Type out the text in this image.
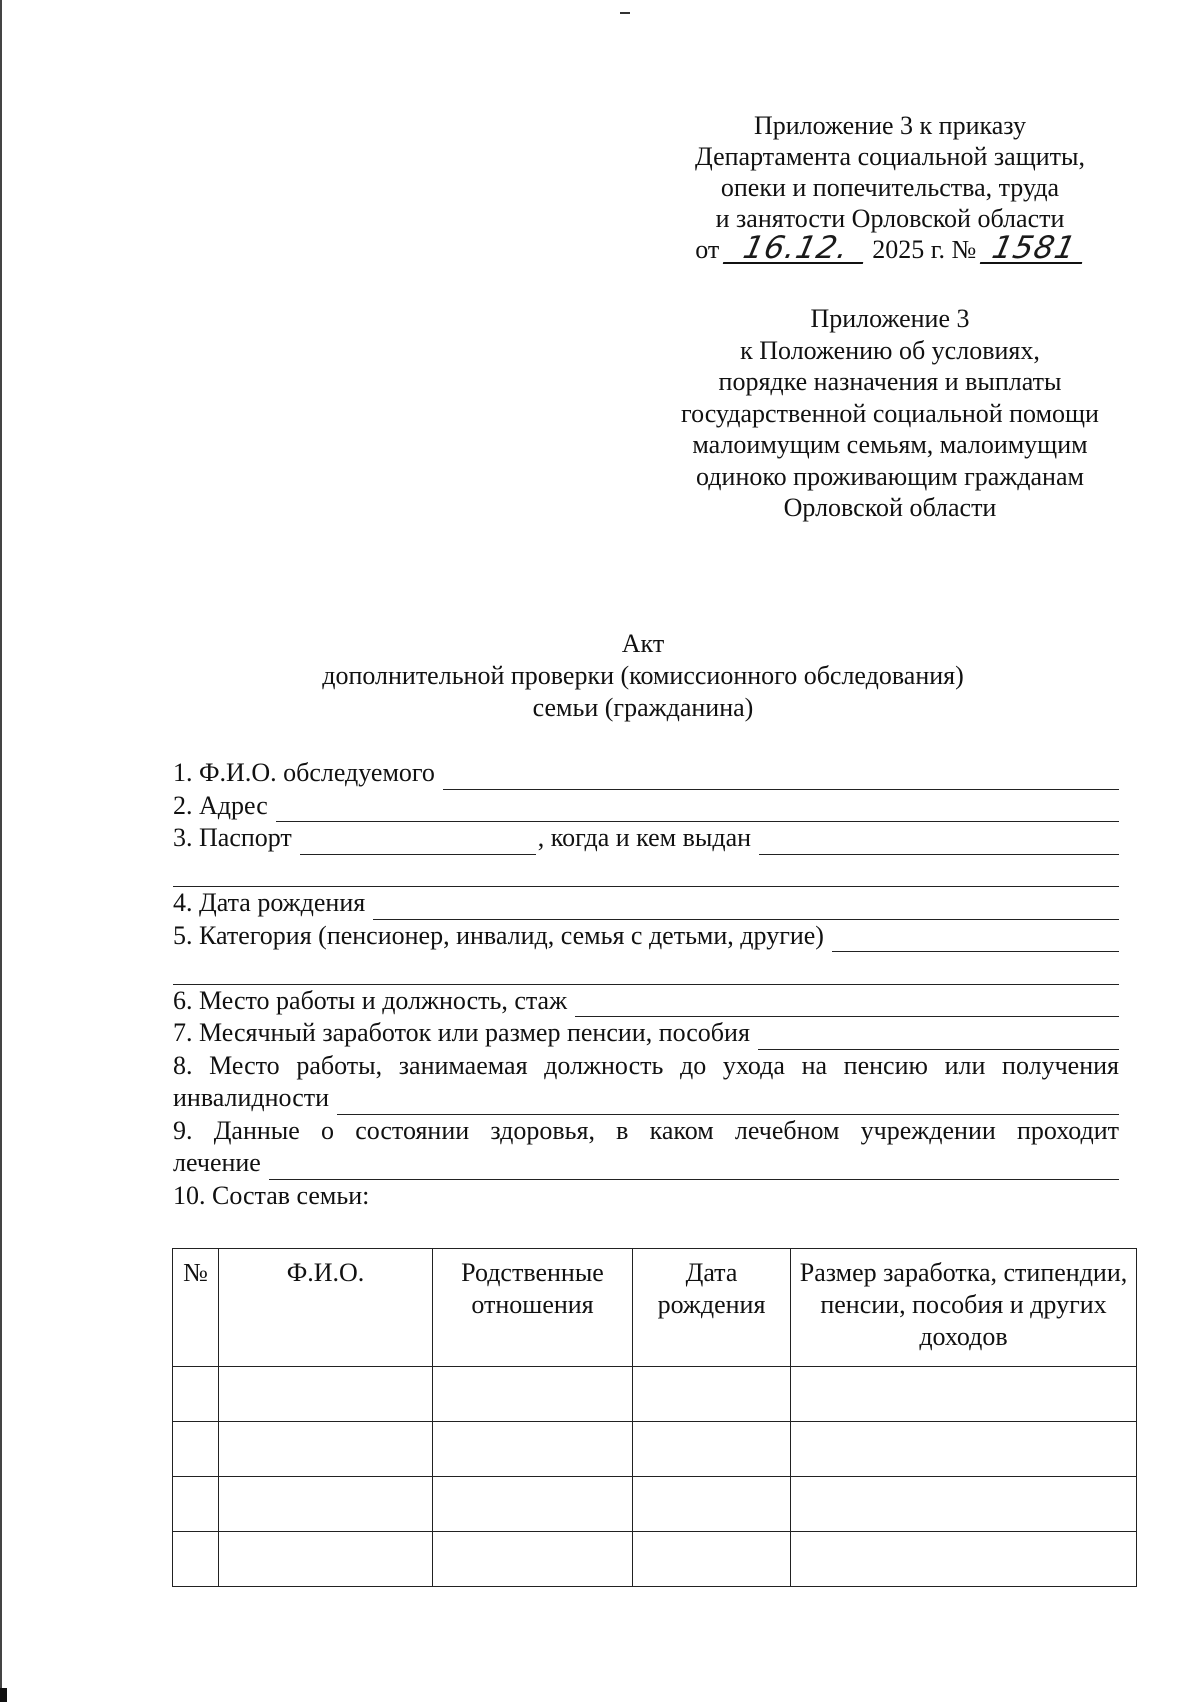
Приложение 3 к приказу
Департамента социальной защиты,
опеки и попечительства, труда
и занятости Орловской области
от 16.12. 2025 г. № 1581
Приложение 3
к Положению об условиях,
порядке назначения и выплаты
государственной социальной помощи
малоимущим семьям, малоимущим
одиноко проживающим гражданам
Орловской области
Акт
дополнительной проверки (комиссионного обследования)
семьи (гражданина)
1. Ф.И.О. обследуемого
2. Адрес
3. Паспорт	, когда и кем выдан
4. Дата рождения
5. Категория (пенсионер, инвалид, семья с детьми, другие)
6. Место работы и должность, стаж
7. Месячный заработок или размер пенсии, пособия
8. Место работы, занимаемая должность до ухода на пенсию или получения
инвалидности
9. Данные о состоянии здоровья, в каком лечебном учреждении проходит
лечение
10. Состав семьи:
№	Ф.И.О.	Родственные отношения	Дата рождения	Размер заработка, стипендии, пенсии, пособия и других доходов
